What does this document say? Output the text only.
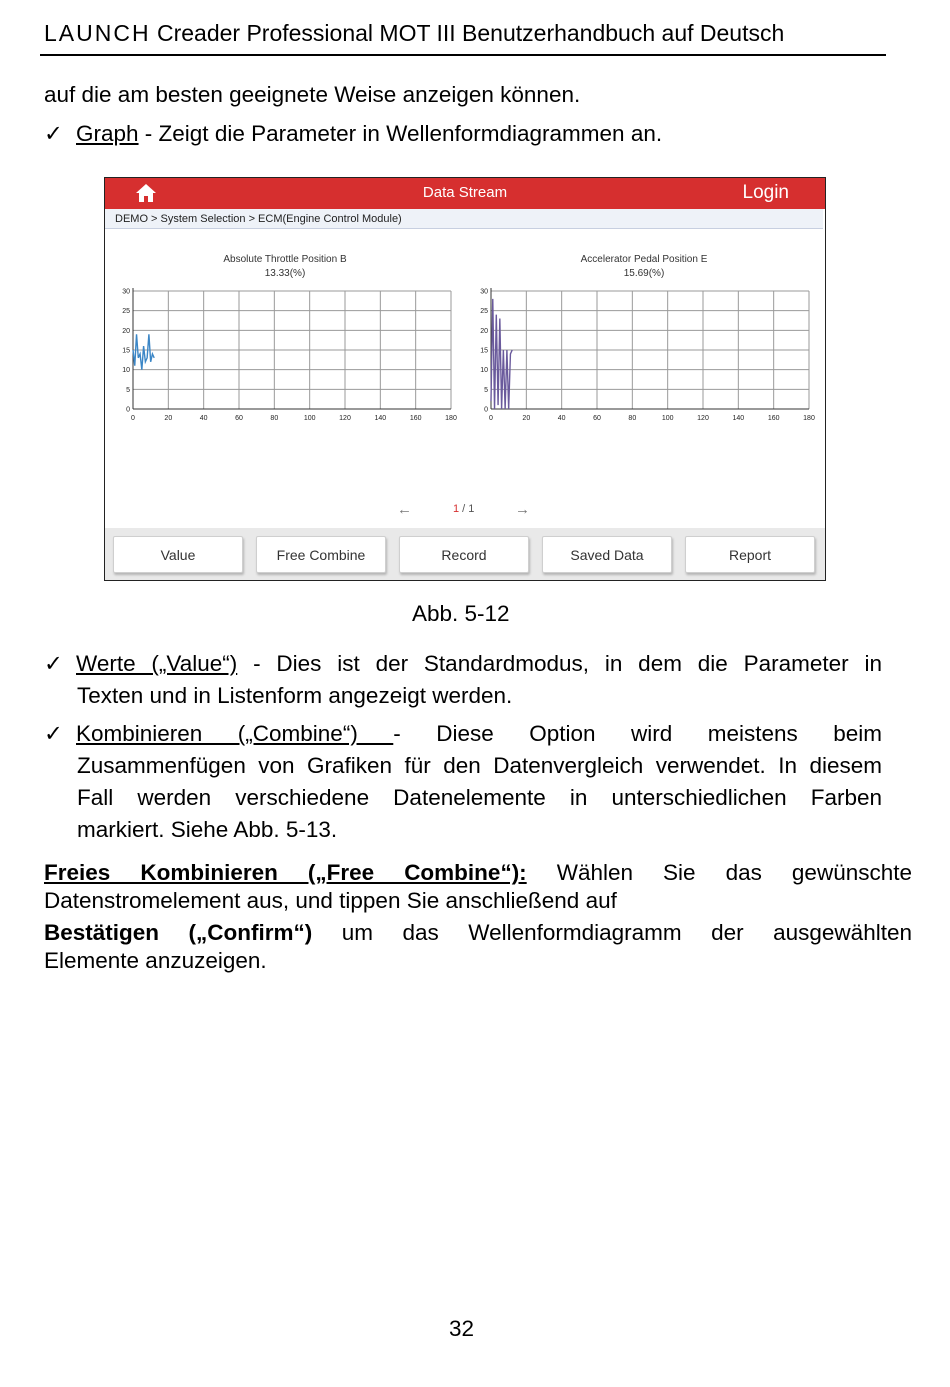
LAUNCH Creader Professional MOT III Benutzerhandbuch auf Deutsch
auf die am besten geeignete Weise anzeigen können.
✓ Graph - Zeigt die Parameter in Wellenformdiagrammen an.
Data Stream	Login
DEMO > System Selection > ECM(Engine Control Module)
Absolute Throttle Position B
13.33(%)
Accelerator Pedal Position E
15.69(%)
0	20	40	60	80	100	120	140	160	180
30
25
20
15
10
5
0
0	20	40	60	80	100	120	140	160	180
30
25
20
15
10
5
0
←	1 / 1	→
Value	Free Combine	Record	Saved Data	Report
Abb. 5-12
✓ Werte („Value“) - Dies ist der Standardmodus, in dem die Parameter in
Texten und in Listenform angezeigt werden.
✓ Kombinieren („Combine“) - Diese Option wird meistens beim
Zusammenfügen von Grafiken für den Datenvergleich verwendet. In diesem
Fall werden verschiedene Datenelemente in unterschiedlichen Farben
markiert. Siehe Abb. 5-13.
Freies Kombinieren („Free Combine“): Wählen Sie das gewünschte
Datenstromelement aus, und tippen Sie anschließend auf
Bestätigen („Confirm“) um das Wellenformdiagramm der ausgewählten
Elemente anzuzeigen.
32
